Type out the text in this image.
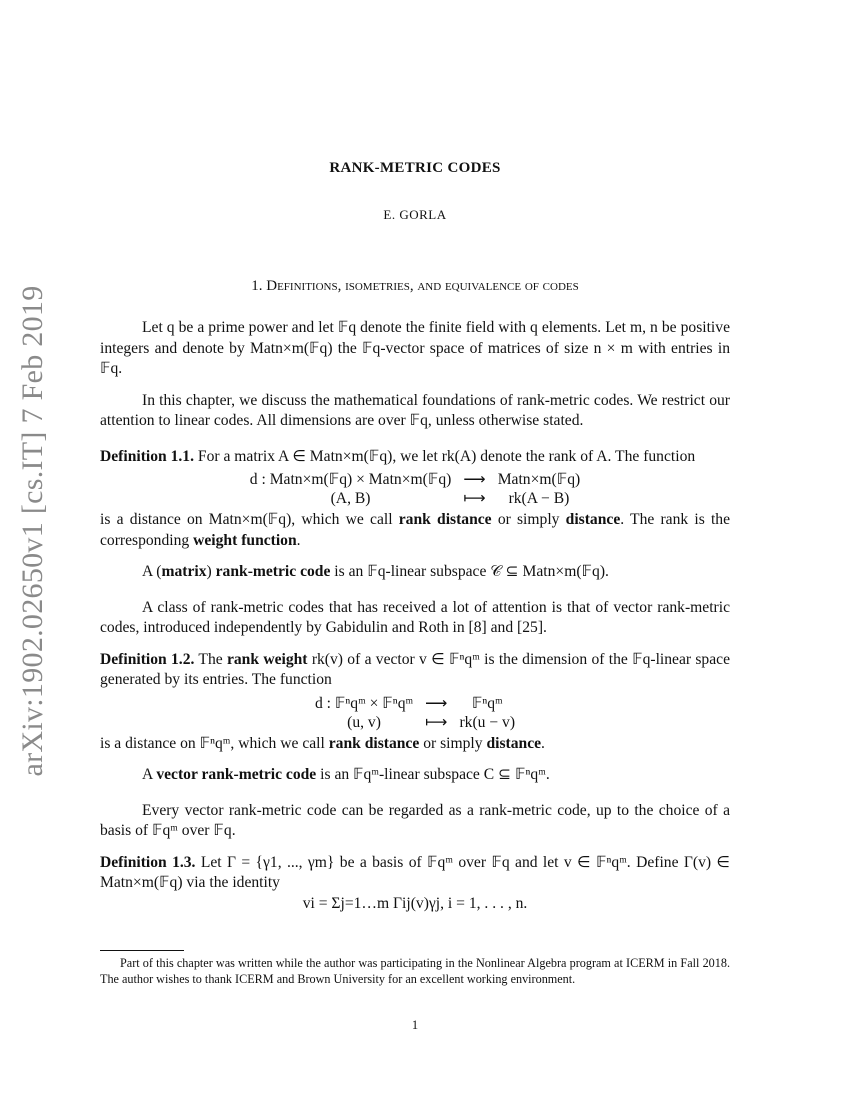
arXiv:1902.02650v1 [cs.IT] 7 Feb 2019
RANK-METRIC CODES
E. GORLA
1. Definitions, isometries, and equivalence of codes

Let q be a prime power and let 𝔽q denote the finite field with q elements. Let m, n be positive integers and denote by Matn×m(𝔽q) the 𝔽q-vector space of matrices of size n × m with entries in 𝔽q.

In this chapter, we discuss the mathematical foundations of rank-metric codes. We restrict our attention to linear codes. All dimensions are over 𝔽q, unless otherwise stated.

Definition 1.1. For a matrix A ∈ Matn×m(𝔽q), we let rk(A) denote the rank of A. The function

d : Matn×m(𝔽q) × Matn×m(𝔽q)	⟶	Matn×m(𝔽q)
(A, B)	⟼	rk(A − B)

is a distance on Matn×m(𝔽q), which we call rank distance or simply distance. The rank is the corresponding weight function.

A (matrix) rank-metric code is an 𝔽q-linear subspace 𝒞 ⊆ Matn×m(𝔽q).

A class of rank-metric codes that has received a lot of attention is that of vector rank-metric codes, introduced independently by Gabidulin and Roth in [8] and [25].

Definition 1.2. The rank weight rk(v) of a vector v ∈ 𝔽ⁿqᵐ is the dimension of the 𝔽q-linear space generated by its entries. The function

d : 𝔽ⁿqᵐ × 𝔽ⁿqᵐ	⟶	𝔽ⁿqᵐ
(u, v)	⟼	rk(u − v)

is a distance on 𝔽ⁿqᵐ, which we call rank distance or simply distance.

A vector rank-metric code is an 𝔽qᵐ-linear subspace C ⊆ 𝔽ⁿqᵐ.

Every vector rank-metric code can be regarded as a rank-metric code, up to the choice of a basis of 𝔽qᵐ over 𝔽q.

Definition 1.3. Let Γ = {γ1, ..., γm} be a basis of 𝔽qᵐ over 𝔽q and let v ∈ 𝔽ⁿqᵐ. Define Γ(v) ∈ Matn×m(𝔽q) via the identity

vi = Σj=1…m Γij(v)γj, i = 1, . . . , n.

Part of this chapter was written while the author was participating in the Nonlinear Algebra program at ICERM in Fall 2018. The author wishes to thank ICERM and Brown University for an excellent working environment.
1
